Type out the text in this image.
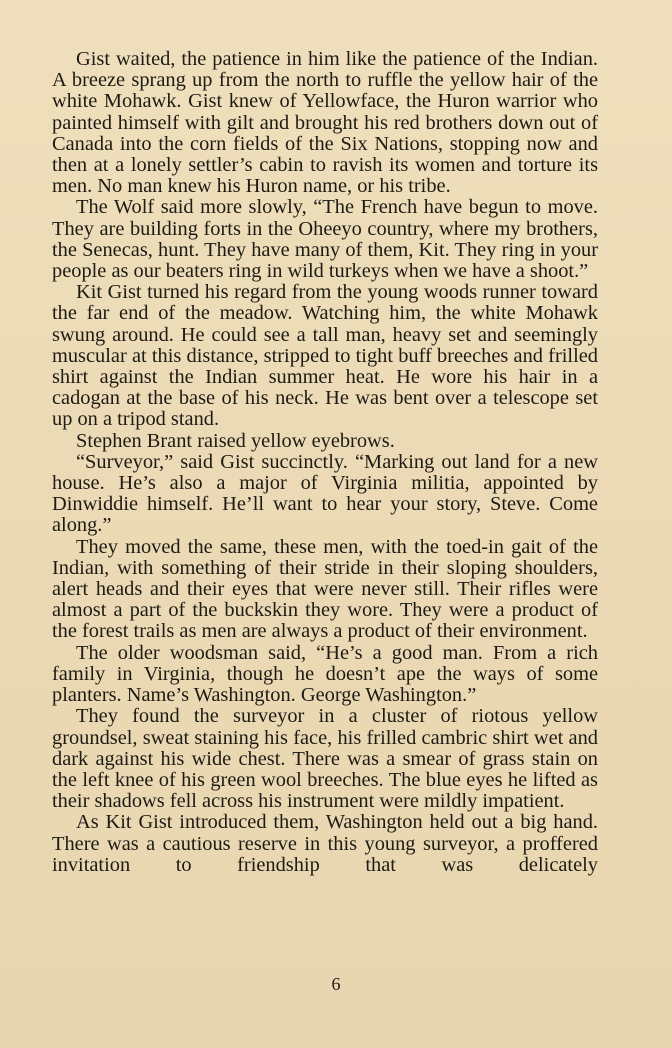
Gist waited, the patience in him like the patience of the Indian. A breeze sprang up from the north to ruffle the yellow hair of the white Mohawk. Gist knew of Yellowface, the Huron warrior who painted himself with gilt and brought his red brothers down out of Canada into the corn fields of the Six Nations, stopping now and then at a lonely settler’s cabin to ravish its women and torture its men. No man knew his Huron name, or his tribe.

The Wolf said more slowly, “The French have begun to move. They are building forts in the Oheeyo country, where my brothers, the Senecas, hunt. They have many of them, Kit. They ring in your people as our beaters ring in wild turkeys when we have a shoot.”

Kit Gist turned his regard from the young woods runner toward the far end of the meadow. Watching him, the white Mohawk swung around. He could see a tall man, heavy set and seemingly muscular at this distance, stripped to tight buff breeches and frilled shirt against the Indian summer heat. He wore his hair in a cadogan at the base of his neck. He was bent over a telescope set up on a tripod stand.

Stephen Brant raised yellow eyebrows.

“Surveyor,” said Gist succinctly. “Marking out land for a new house. He’s also a major of Virginia militia, appointed by Dinwiddie himself. He’ll want to hear your story, Steve. Come along.”

They moved the same, these men, with the toed-in gait of the Indian, with something of their stride in their sloping shoulders, alert heads and their eyes that were never still. Their rifles were almost a part of the buckskin they wore. They were a product of the forest trails as men are always a product of their environment.

The older woodsman said, “He’s a good man. From a rich family in Virginia, though he doesn’t ape the ways of some planters. Name’s Washington. George Washington.”

They found the surveyor in a cluster of riotous yellow groundsel, sweat staining his face, his frilled cambric shirt wet and dark against his wide chest. There was a smear of grass stain on the left knee of his green wool breeches. The blue eyes he lifted as their shadows fell across his instrument were mildly impatient.

As Kit Gist introduced them, Washington held out a big hand. There was a cautious reserve in this young surveyor, a proffered invitation to friendship that was delicately

6
